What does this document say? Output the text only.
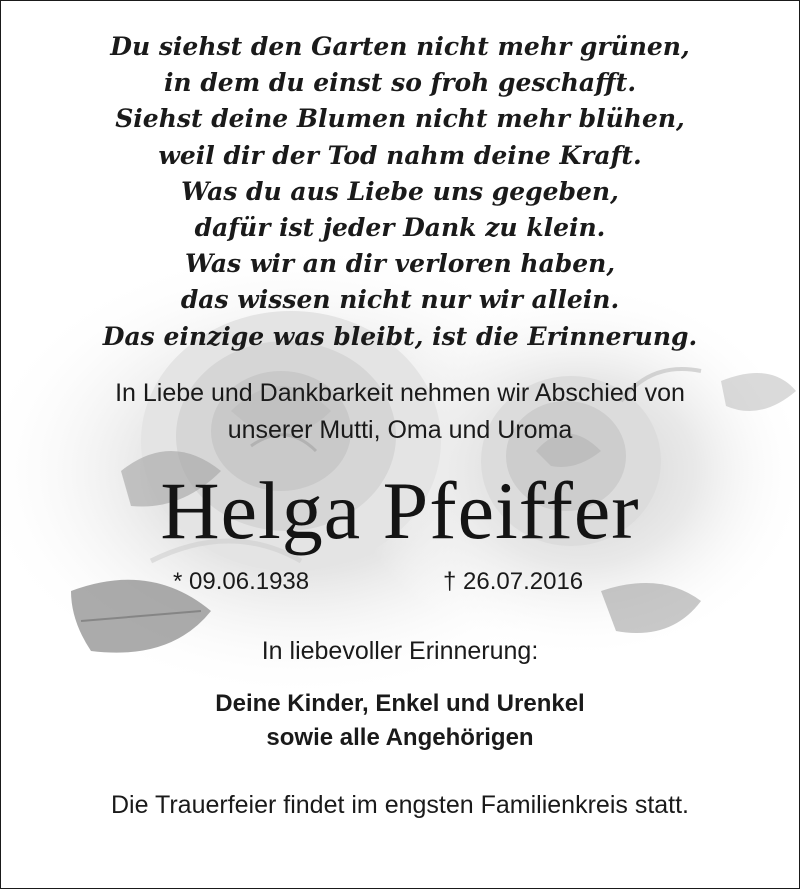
Du siehst den Garten nicht mehr grünen,
in dem du einst so froh geschafft.
Siehst deine Blumen nicht mehr blühen,
weil dir der Tod nahm deine Kraft.
Was du aus Liebe uns gegeben,
dafür ist jeder Dank zu klein.
Was wir an dir verloren haben,
das wissen nicht nur wir allein.
Das einzige was bleibt, ist die Erinnerung.
In Liebe und Dankbarkeit nehmen wir Abschied von
unserer Mutti, Oma und Uroma
Helga Pfeiffer
* 09.06.1938	† 26.07.2016
In liebevoller Erinnerung:
Deine Kinder, Enkel und Urenkel
sowie alle Angehörigen
Die Trauerfeier findet im engsten Familienkreis statt.
